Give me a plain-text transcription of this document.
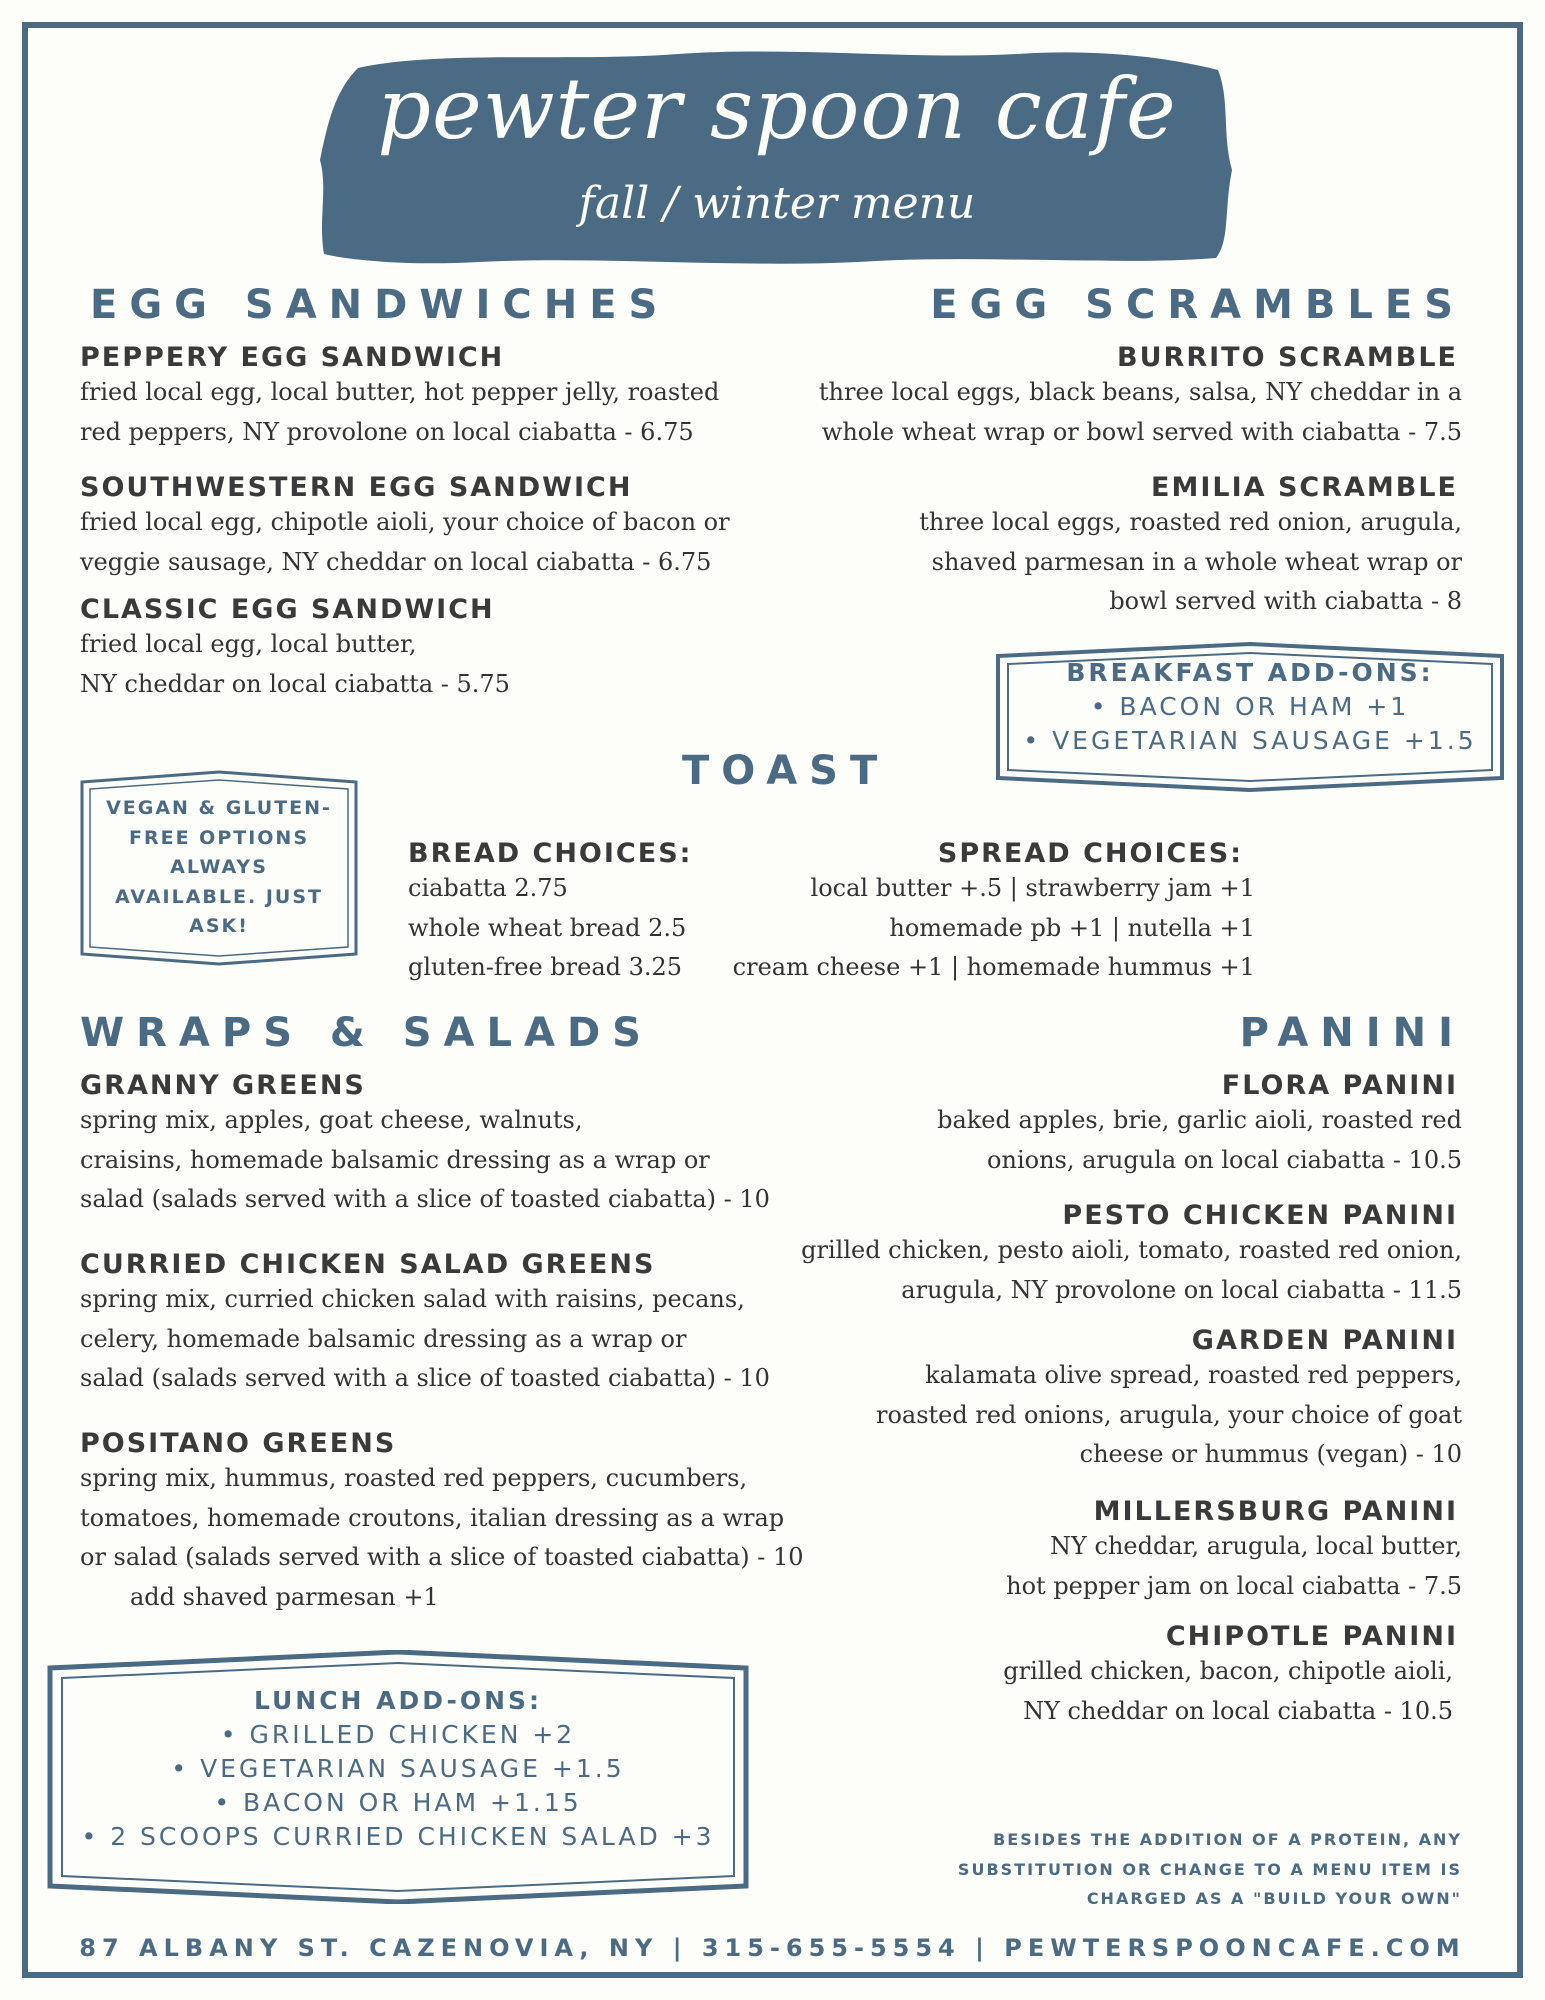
pewter spoon cafe
fall / winter menu
EGG SANDWICHES
PEPPERY EGG SANDWICH
fried local egg, local butter, hot pepper jelly, roasted
red peppers, NY provolone on local ciabatta - 6.75
SOUTHWESTERN EGG SANDWICH
fried local egg, chipotle aioli, your choice of bacon or
veggie sausage, NY cheddar on local ciabatta - 6.75
CLASSIC EGG SANDWICH
fried local egg, local butter,
NY cheddar on local ciabatta - 5.75
EGG SCRAMBLES
BURRITO SCRAMBLE
three local eggs, black beans, salsa, NY cheddar in a
whole wheat wrap or bowl served with ciabatta - 7.5
EMILIA SCRAMBLE
three local eggs, roasted red onion, arugula,
shaved parmesan in a whole wheat wrap or
bowl served with ciabatta - 8
BREAKFAST ADD-ONS:
• BACON OR HAM +1
• VEGETARIAN SAUSAGE +1.5
TOAST
VEGAN & GLUTEN-
FREE OPTIONS
ALWAYS
AVAILABLE. JUST
ASK!
BREAD CHOICES:
ciabatta 2.75
whole wheat bread 2.5
gluten-free bread 3.25
SPREAD CHOICES:
local butter +.5 | strawberry jam +1
homemade pb +1 | nutella +1
cream cheese +1 | homemade hummus +1
WRAPS & SALADS
GRANNY GREENS
spring mix, apples, goat cheese, walnuts,
craisins, homemade balsamic dressing as a wrap or
salad (salads served with a slice of toasted ciabatta) - 10
CURRIED CHICKEN SALAD GREENS
spring mix, curried chicken salad with raisins, pecans,
celery, homemade balsamic dressing as a wrap or
salad (salads served with a slice of toasted ciabatta) - 10
POSITANO GREENS
spring mix, hummus, roasted red peppers, cucumbers,
tomatoes, homemade croutons, italian dressing as a wrap
or salad (salads served with a slice of toasted ciabatta) - 10
add shaved parmesan +1
PANINI
FLORA PANINI
baked apples, brie, garlic aioli, roasted red
onions, arugula on local ciabatta - 10.5
PESTO CHICKEN PANINI
grilled chicken, pesto aioli, tomato, roasted red onion,
arugula, NY provolone on local ciabatta - 11.5
GARDEN PANINI
kalamata olive spread, roasted red peppers,
roasted red onions, arugula, your choice of goat
cheese or hummus (vegan) - 10
MILLERSBURG PANINI
NY cheddar, arugula, local butter,
hot pepper jam on local ciabatta - 7.5
CHIPOTLE PANINI
grilled chicken, bacon, chipotle aioli,
NY cheddar on local ciabatta - 10.5
LUNCH ADD-ONS:
• GRILLED CHICKEN +2
• VEGETARIAN SAUSAGE +1.5
• BACON OR HAM +1.15
• 2 SCOOPS CURRIED CHICKEN SALAD +3	BESIDES THE ADDITION OF A PROTEIN, ANY
SUBSTITUTION OR CHANGE TO A MENU ITEM IS
CHARGED AS A "BUILD YOUR OWN"
87 ALBANY ST. CAZENOVIA, NY | 315-655-5554 | PEWTERSPOONCAFE.COM
